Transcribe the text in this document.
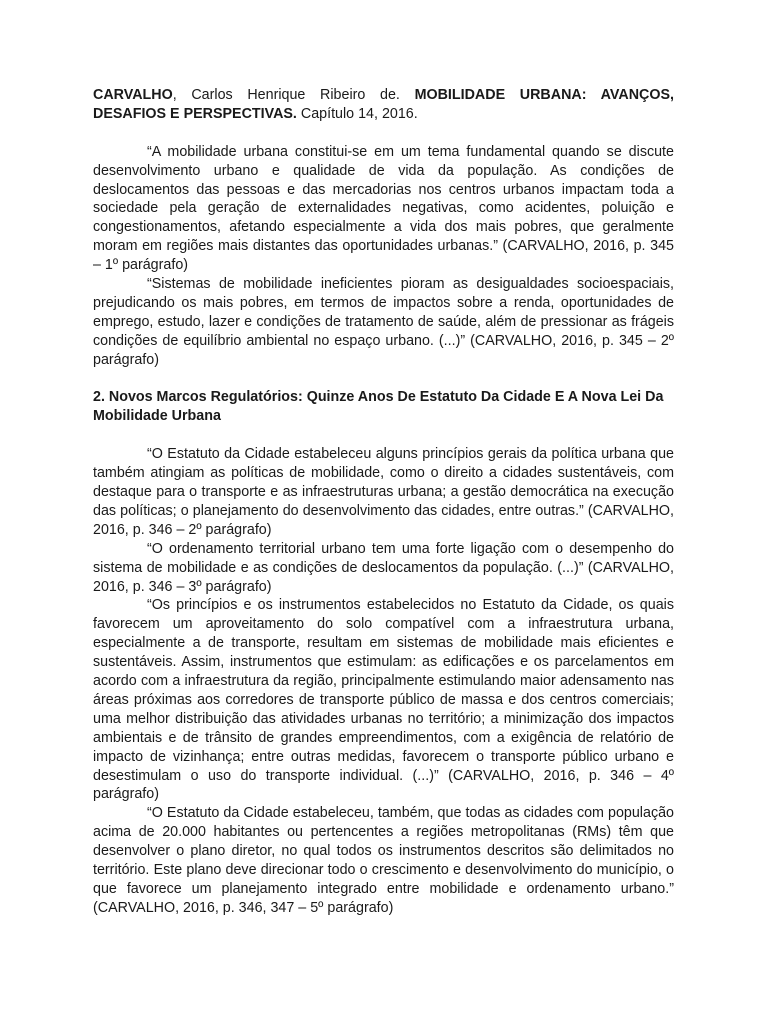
CARVALHO, Carlos Henrique Ribeiro de. MOBILIDADE URBANA: AVANÇOS, DESAFIOS E PERSPECTIVAS. Capítulo 14, 2016.

“A mobilidade urbana constitui-se em um tema fundamental quando se discute desenvolvimento urbano e qualidade de vida da população. As condições de deslocamentos das pessoas e das mercadorias nos centros urbanos impactam toda a sociedade pela geração de externalidades negativas, como acidentes, poluição e congestionamentos, afetando especialmente a vida dos mais pobres, que geralmente moram em regiões mais distantes das oportunidades urbanas.” (CARVALHO, 2016, p. 345 – 1º parágrafo)

“Sistemas de mobilidade ineficientes pioram as desigualdades socioespaciais, prejudicando os mais pobres, em termos de impactos sobre a renda, oportunidades de emprego, estudo, lazer e condições de tratamento de saúde, além de pressionar as frágeis condições de equilíbrio ambiental no espaço urbano. (...)” (CARVALHO, 2016, p. 345 – 2º parágrafo)

2. Novos Marcos Regulatórios: Quinze Anos De Estatuto Da Cidade E A Nova Lei Da Mobilidade Urbana

“O Estatuto da Cidade estabeleceu alguns princípios gerais da política urbana que também atingiam as políticas de mobilidade, como o direito a cidades sustentáveis, com destaque para o transporte e as infraestruturas urbana; a gestão democrática na execução das políticas; o planejamento do desenvolvimento das cidades, entre outras.” (CARVALHO, 2016, p. 346 – 2º parágrafo)

“O ordenamento territorial urbano tem uma forte ligação com o desempenho do sistema de mobilidade e as condições de deslocamentos da população. (...)” (CARVALHO, 2016, p. 346 – 3º parágrafo)

“Os princípios e os instrumentos estabelecidos no Estatuto da Cidade, os quais favorecem um aproveitamento do solo compatível com a infraestrutura urbana, especialmente a de transporte, resultam em sistemas de mobilidade mais eficientes e sustentáveis. Assim, instrumentos que estimulam: as edificações e os parcelamentos em acordo com a infraestrutura da região, principalmente estimulando maior adensamento nas áreas próximas aos corredores de transporte público de massa e dos centros comerciais; uma melhor distribuição das atividades urbanas no território; a minimização dos impactos ambientais e de trânsito de grandes empreendimentos, com a exigência de relatório de impacto de vizinhança; entre outras medidas, favorecem o transporte público urbano e desestimulam o uso do transporte individual. (...)” (CARVALHO, 2016, p. 346 – 4º parágrafo)

“O Estatuto da Cidade estabeleceu, também, que todas as cidades com população acima de 20.000 habitantes ou pertencentes a regiões metropolitanas (RMs) têm que desenvolver o plano diretor, no qual todos os instrumentos descritos são delimitados no território. Este plano deve direcionar todo o crescimento e desenvolvimento do município, o que favorece um planejamento integrado entre mobilidade e ordenamento urbano.” (CARVALHO, 2016, p. 346, 347 – 5º parágrafo)
